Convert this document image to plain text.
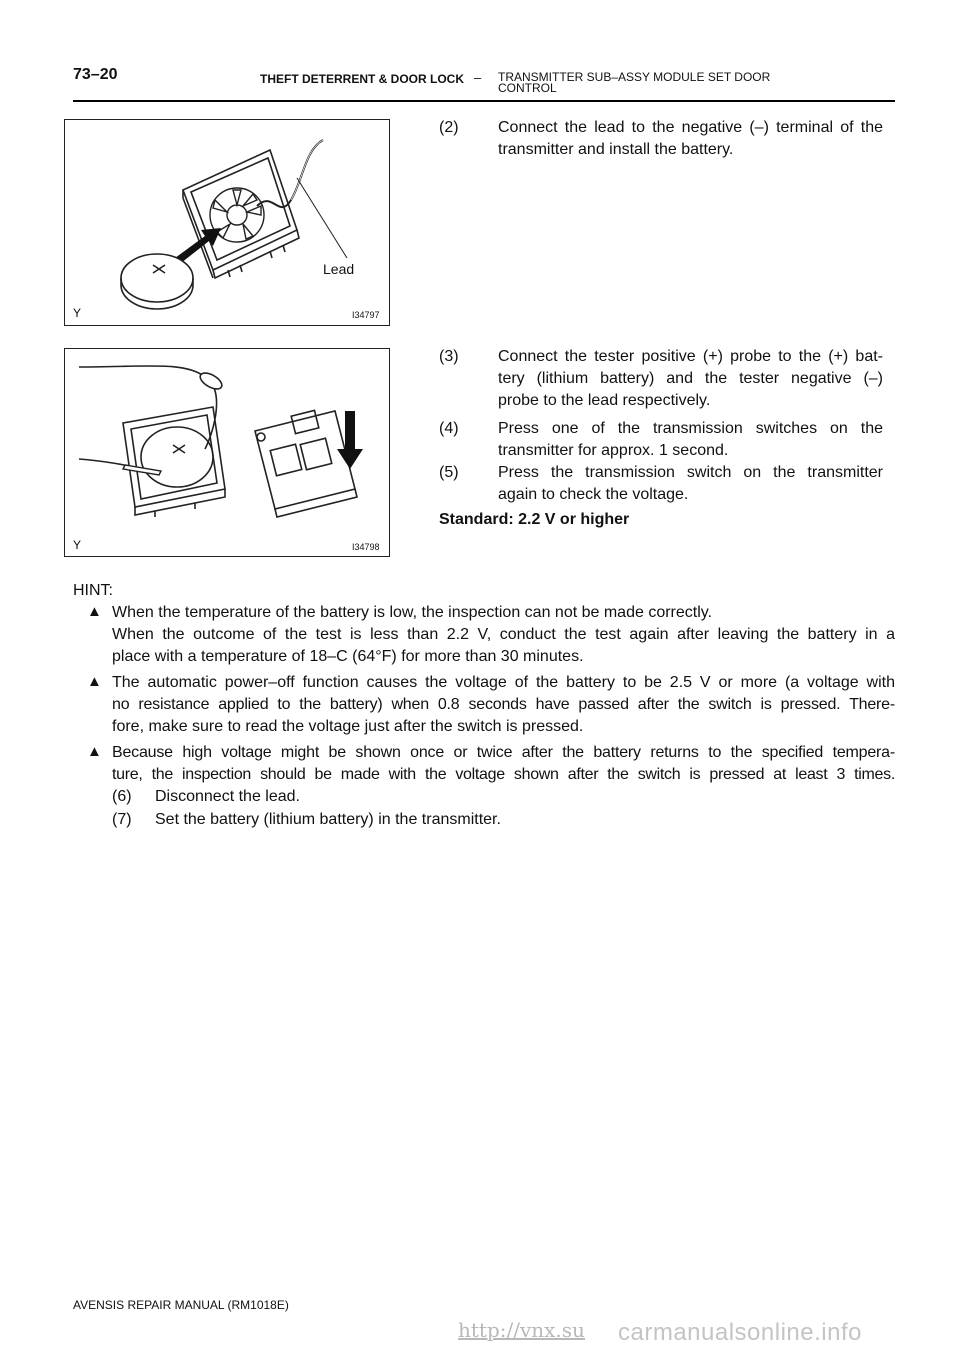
73–20	THEFT DETERRENT & DOOR LOCK – TRANSMITTER SUB–ASSY MODULE SET DOOR
CONTROL
Lead
Y	I34797
Y	I34798
(2) Connect the lead to the negative (–) terminal of the
transmitter and install the battery.
(3) Connect the tester positive (+) probe to the (+) bat-
tery (lithium battery) and the tester negative (–)
probe to the lead respectively.
(4) Press one of the transmission switches on the
transmitter for approx. 1 second.
(5) Press the transmission switch on the transmitter
again to check the voltage.
Standard: 2.2 V or higher
HINT:
▲ When the temperature of the battery is low, the inspection can not be made correctly.
When the outcome of the test is less than 2.2 V, conduct the test again after leaving the battery in a
place with a temperature of 18–C (64°F) for more than 30 minutes.
▲ The automatic power–off function causes the voltage of the battery to be 2.5 V or more (a voltage with
no resistance applied to the battery) when 0.8 seconds have passed after the switch is pressed. There-
fore, make sure to read the voltage just after the switch is pressed.
▲ Because high voltage might be shown once or twice after the battery returns to the specified tempera-
ture, the inspection should be made with the voltage shown after the switch is pressed at least 3 times.
(6) Disconnect the lead.
(7) Set the battery (lithium battery) in the transmitter.
AVENSIS REPAIR MANUAL (RM1018E)
http://vnx.su carmanualsonline.info
